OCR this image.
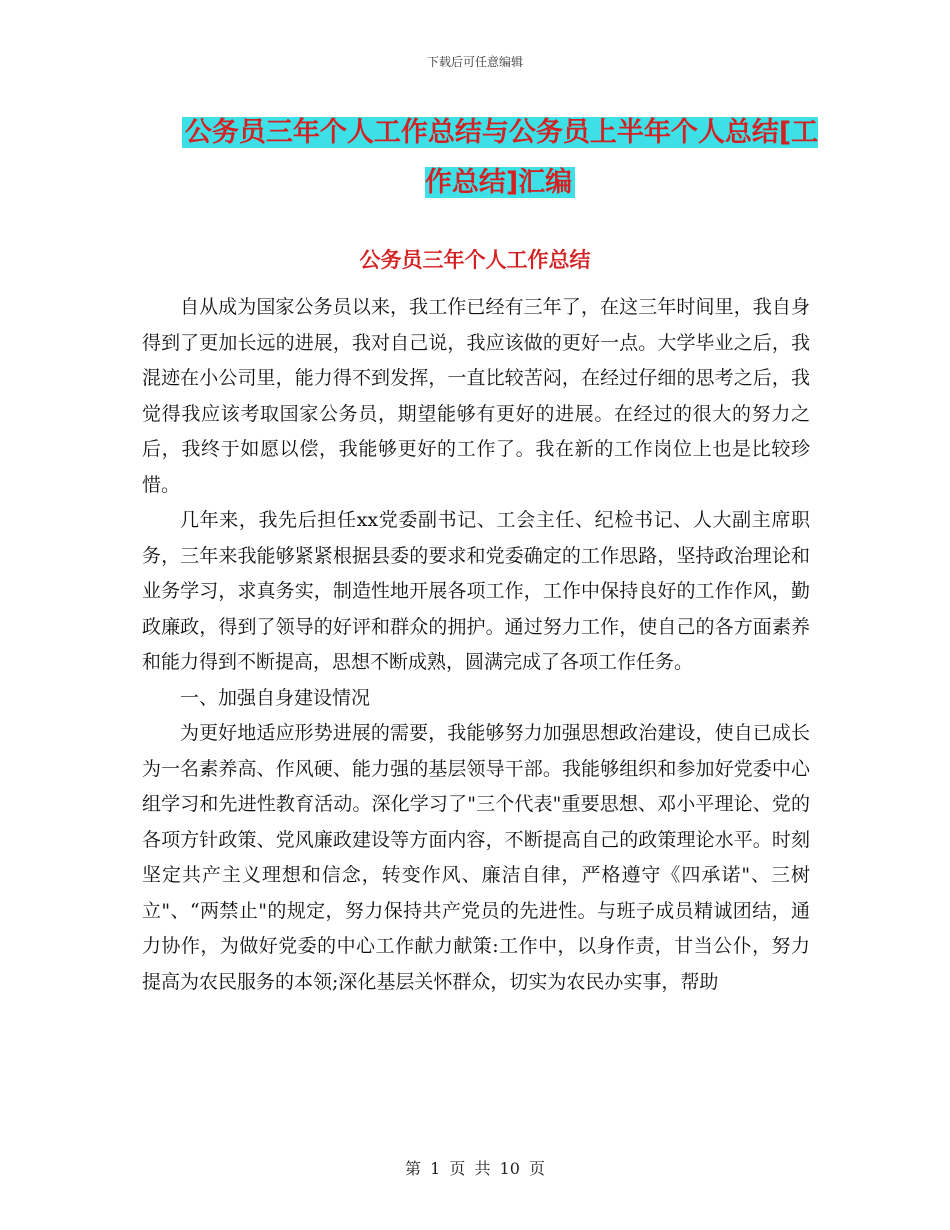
下载后可任意编辑
公务员三年个人工作总结与公务员上半年个人总结[工作总结]汇编
公务员三年个人工作总结

自从成为国家公务员以来，我工作已经有三年了，在这三年时间里，我自身得到了更加长远的进展，我对自己说，我应该做的更好一点。大学毕业之后，我混迹在小公司里，能力得不到发挥，一直比较苦闷，在经过仔细的思考之后，我觉得我应该考取国家公务员，期望能够有更好的进展。在经过的很大的努力之后，我终于如愿以偿，我能够更好的工作了。我在新的工作岗位上也是比较珍惜。

几年来，我先后担任xx党委副书记、工会主任、纪检书记、人大副主席职务，三年来我能够紧紧根据县委的要求和党委确定的工作思路，坚持政治理论和业务学习，求真务实，制造性地开展各项工作，工作中保持良好的工作作风，勤政廉政，得到了领导的好评和群众的拥护。通过努力工作，使自己的各方面素养和能力得到不断提高，思想不断成熟，圆满完成了各项工作任务。

一、加强自身建设情况

为更好地适应形势进展的需要，我能够努力加强思想政治建设，使自已成长为一名素养高、作风硬、能力强的基层领导干部。我能够组织和参加好党委中心组学习和先进性教育活动。深化学习了"三个代表"重要思想、邓小平理论、党的各项方针政策、党风廉政建设等方面内容，不断提高自己的政策理论水平。时刻坚定共产主义理想和信念，转变作风、廉洁自律，严格遵守《四承诺"、三树立"、“两禁止"的规定，努力保持共产党员的先进性。与班子成员精诚团结，通力协作，为做好党委的中心工作献力献策:工作中，以身作责，甘当公仆，努力提高为农民服务的本领;深化基层关怀群众，切实为农民办实事，帮助

第 1 页 共 10 页
